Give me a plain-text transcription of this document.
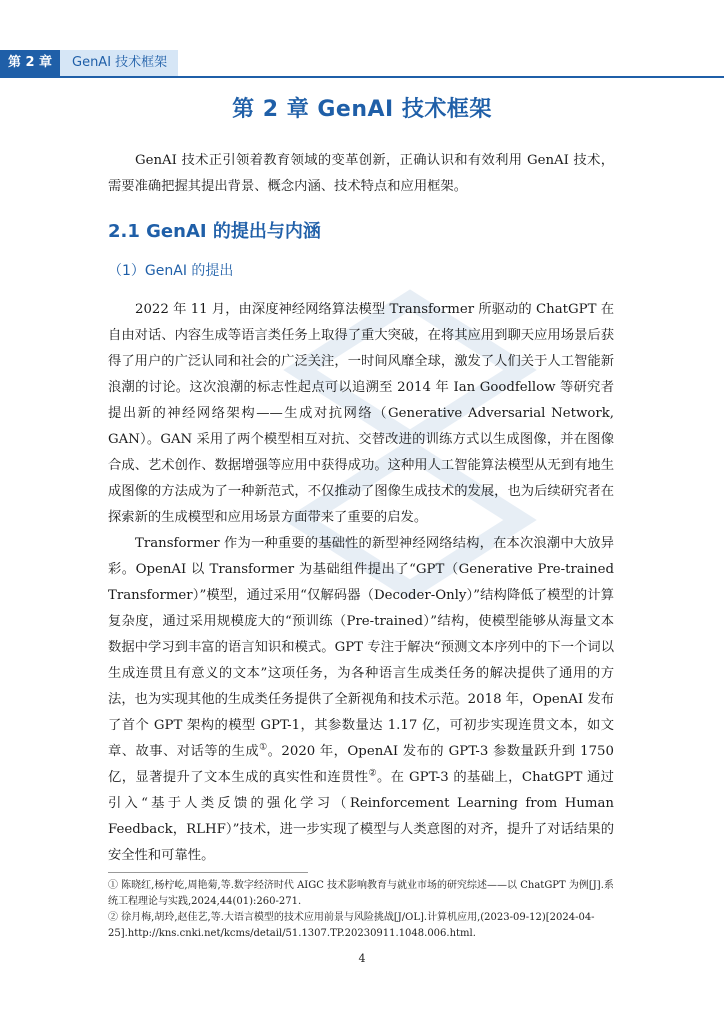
第 2 章	GenAI 技术框架
第 2 章 GenAI 技术框架

GenAI 技术正引领着教育领域的变革创新，正确认识和有效利用 GenAI 技术，需要准确把握其提出背景、概念内涵、技术特点和应用框架。

2.1 GenAI 的提出与内涵
（1）GenAI 的提出

2022 年 11 月，由深度神经网络算法模型 Transformer 所驱动的 ChatGPT 在自由对话、内容生成等语言类任务上取得了重大突破，在将其应用到聊天应用场景后获得了用户的广泛认同和社会的广泛关注，一时间风靡全球，激发了人们关于人工智能新浪潮的讨论。这次浪潮的标志性起点可以追溯至 2014 年 Ian Goodfellow 等研究者提出新的神经网络架构——生成对抗网络（Generative Adversarial Network, GAN）。GAN 采用了两个模型相互对抗、交替改进的训练方式以生成图像，并在图像合成、艺术创作、数据增强等应用中获得成功。这种用人工智能算法模型从无到有地生成图像的方法成为了一种新范式，不仅推动了图像生成技术的发展，也为后续研究者在探索新的生成模型和应用场景方面带来了重要的启发。

Transformer 作为一种重要的基础性的新型神经网络结构，在本次浪潮中大放异彩。OpenAI 以 Transformer 为基础组件提出了“GPT（Generative Pre-trained Transformer）”模型，通过采用“仅解码器（Decoder-Only）”结构降低了模型的计算复杂度，通过采用规模庞大的“预训练（Pre-trained）”结构，使模型能够从海量文本数据中学习到丰富的语言知识和模式。GPT 专注于解决“预测文本序列中的下一个词以生成连贯且有意义的文本”这项任务，为各种语言生成类任务的解决提供了通用的方法，也为实现其他的生成类任务提供了全新视角和技术示范。2018 年，OpenAI 发布了首个 GPT 架构的模型 GPT-1，其参数量达 1.17 亿，可初步实现连贯文本，如文章、故事、对话等的生成①。2020 年，OpenAI 发布的 GPT-3 参数量跃升到 1750 亿，显著提升了文本生成的真实性和连贯性②。在 GPT-3 的基础上，ChatGPT 通过引入“基于人类反馈的强化学习（Reinforcement Learning from Human Feedback，RLHF）”技术，进一步实现了模型与人类意图的对齐，提升了对话结果的安全性和可靠性。

① 陈晓红,杨柠屹,周艳菊,等.数字经济时代 AIGC 技术影响教育与就业市场的研究综述——以 ChatGPT 为例[J].系统工程理论与实践,2024,44(01):260-271.
② 徐月梅,胡玲,赵佳艺,等.大语言模型的技术应用前景与风险挑战[J/OL].计算机应用,(2023-09-12)[2024-04-25].http://kns.cnki.net/kcms/detail/51.1307.TP.20230911.1048.006.html.
4
